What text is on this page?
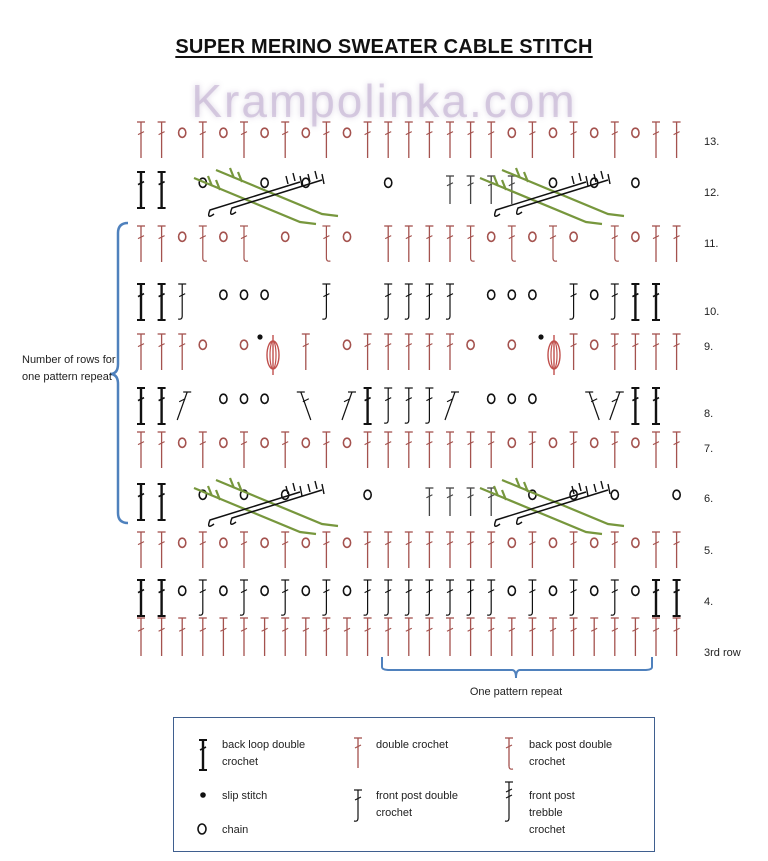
SUPER MERINO SWEATER CABLE STITCH
Krampolinka.com
13.
12.
11.
10.
9.
8.
7.
6.
5.
4.
3rd row
Number of rows for one pattern repeat
One pattern repeat
back loop double crochet
double crochet	back post double crochet
slip stitch	front post double crochet
front post trebble crochet
chain
